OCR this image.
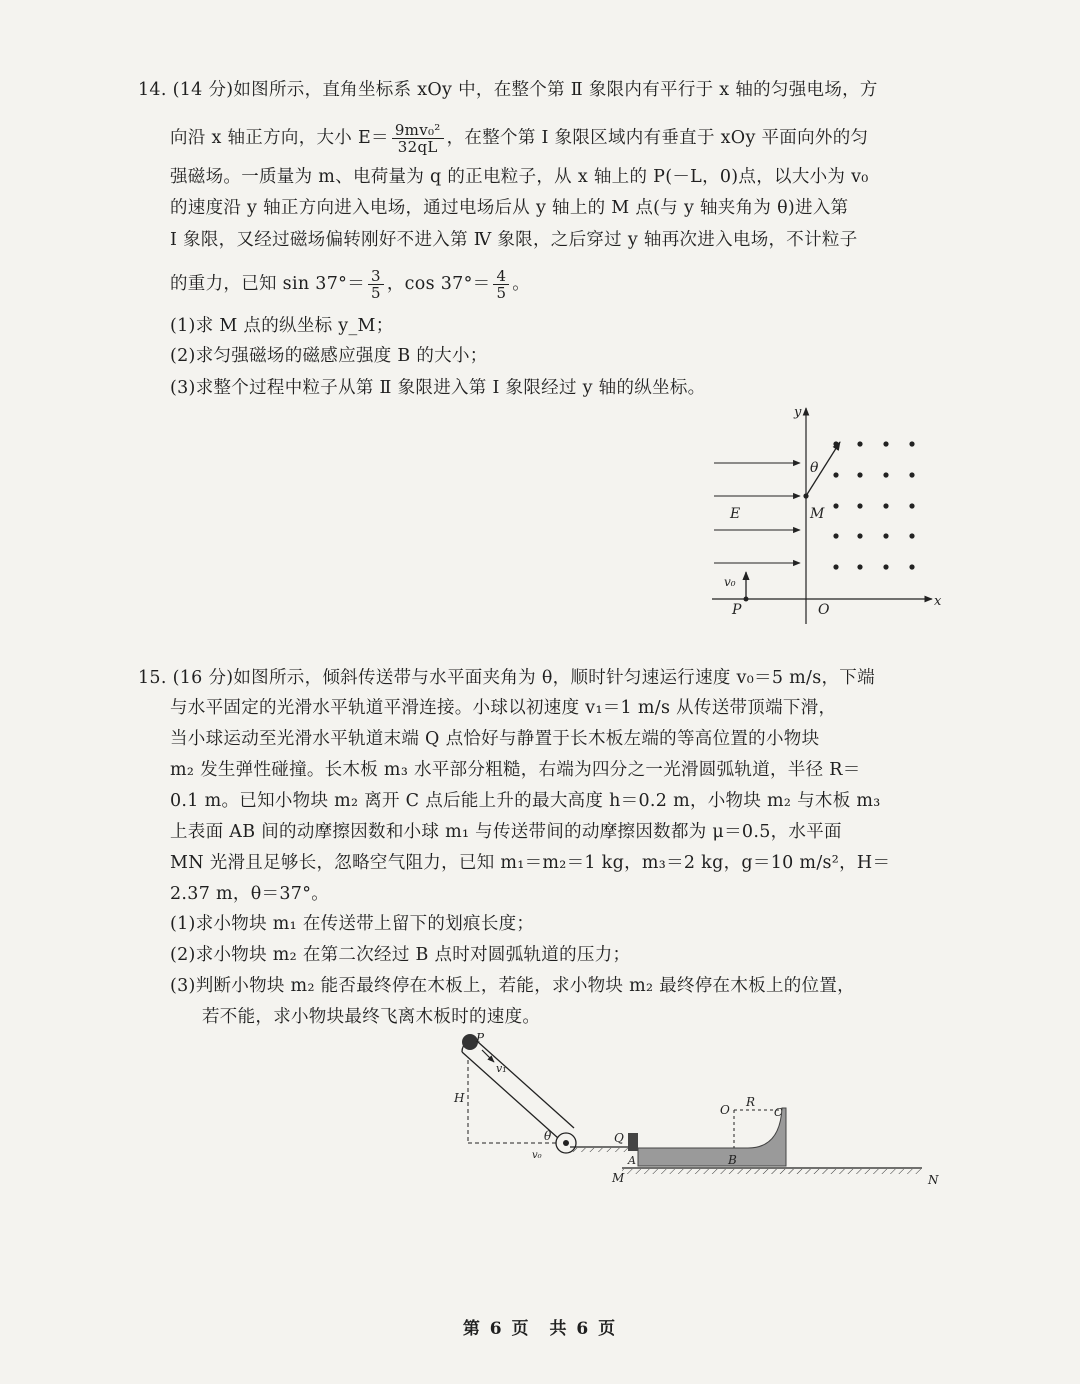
14. (14 分)如图所示，直角坐标系 xOy 中，在整个第 Ⅱ 象限内有平行于 x 轴的匀强电场，方
向沿 x 轴正方向，大小 $E= \frac{\text{9mv₀²}}{32qL}$ ，在整个第 Ⅰ 象限区域内有垂直于 xOy 平面向外的匀
强磁场。一质量为 m、电荷量为 q 的正电粒子，从 x 轴上的 P(－L，0)点，以大小为 v₀
的速度沿 y 轴正方向进入电场，通过电场后从 y 轴上的 M 点(与 y 轴夹角为 θ)进入第
Ⅰ 象限，又经过磁场偏转刚好不进入第 Ⅳ 象限，之后穿过 y 轴再次进入电场，不计粒子
的重力，已知 $\sin 37^\circ= \frac{3}{5}$ ，$\cos 37^\circ= \frac{4}{5}$ 。
(1)求 M 点的纵坐标 y_M；
(2)求匀强磁场的磁感应强度 B 的大小；
(3)求整个过程中粒子从第 Ⅱ 象限进入第 Ⅰ 象限经过 y 轴的纵坐标。
y
x
θ
E	M
v₀
P	O
15. (16 分)如图所示，倾斜传送带与水平面夹角为 θ，顺时针匀速运行速度 v₀＝5 m/s，下端
与水平固定的光滑水平轨道平滑连接。小球以初速度 v₁＝1 m/s 从传送带顶端下滑，
当小球运动至光滑水平轨道末端 Q 点恰好与静置于长木板左端的等高位置的小物块
m₂ 发生弹性碰撞。长木板 m₃ 水平部分粗糙，右端为四分之一光滑圆弧轨道，半径 R＝
0.1 m。已知小物块 m₂ 离开 C 点后能上升的最大高度 h＝0.2 m，小物块 m₂ 与木板 m₃
上表面 AB 间的动摩擦因数和小球 m₁ 与传送带间的动摩擦因数都为 μ＝0.5，水平面
MN 光滑且足够长，忽略空气阻力，已知 m₁＝m₂＝1 kg，m₃＝2 kg，g＝10 m/s²，H＝
2.37 m，θ＝37°。
(1)求小物块 m₁ 在传送带上留下的划痕长度；
(2)求小物块 m₂ 在第二次经过 B 点时对圆弧轨道的压力；
(3)判断小物块 m₂ 能否最终停在木板上，若能，求小物块 m₂ 最终停在木板上的位置，
若不能，求小物块最终飞离木板时的速度。
P
v₁
H
θ
v₀
Q
A
M
O
R
C
B
N
第 6 页　共 6 页
